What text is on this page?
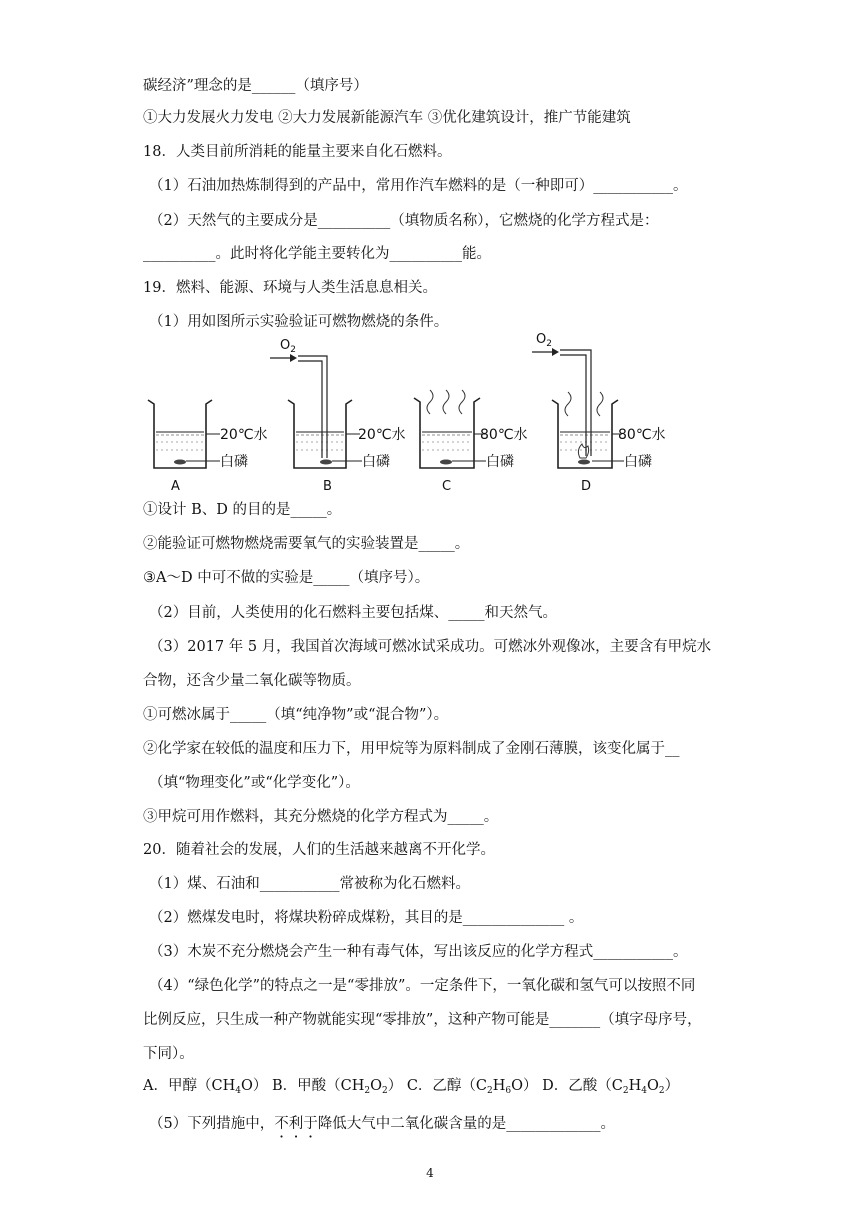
碳经济”理念的是______（填序号）
①大力发展火力发电 ②大力发展新能源汽车 ③优化建筑设计，推广节能建筑
18．人类目前所消耗的能量主要来自化石燃料。
（1）石油加热炼制得到的产品中，常用作汽车燃料的是（一种即可）___________。
（2）天然气的主要成分是__________（填物质名称），它燃烧的化学方程式是：
__________。此时将化学能主要转化为__________能。
19．燃料、能源、环境与人类生活息息相关。
（1）用如图所示实验验证可燃物燃烧的条件。
①设计 B、D 的目的是_____。
②能验证可燃物燃烧需要氧气的实验装置是_____。
③A～D 中可不做的实验是_____（填序号）。
（2）目前，人类使用的化石燃料主要包括煤、_____和天然气。
（3）2017 年 5 月，我国首次海域可燃冰试采成功。可燃冰外观像冰，主要含有甲烷水
合物，还含少量二氧化碳等物质。
①可燃冰属于_____（填“纯净物”或“混合物”）。
②化学家在较低的温度和压力下，用甲烷等为原料制成了金刚石薄膜，该变化属于__
（填“物理变化”或“化学变化”）。
③甲烷可用作燃料，其充分燃烧的化学方程式为_____。
20．随着社会的发展，人们的生活越来越离不开化学。
（1）煤、石油和___________常被称为化石燃料。
（2）燃煤发电时，将煤块粉碎成煤粉，其目的是______________ 。
（3）木炭不充分燃烧会产生一种有毒气体，写出该反应的化学方程式___________。
（4）“绿色化学”的特点之一是“零排放”。一定条件下，一氧化碳和氢气可以按照不同
比例反应，只生成一种产物就能实现“零排放”，这种产物可能是_______（填字母序号，
下同）。
A．甲醇$(CH_4O)$ B．甲酸$(CH_2O_2)$ C．乙醇$(C_2H_6O)$ D．乙酸$(C_2H_4O_2)$
（5）下列措施中，不利于降低大气中二氧化碳含量的是_____________。
20℃水
白磷
A
$O_2$
20℃水
白磷
B
80℃水
白磷
C
$O_2$
80℃水
白磷
D
4
